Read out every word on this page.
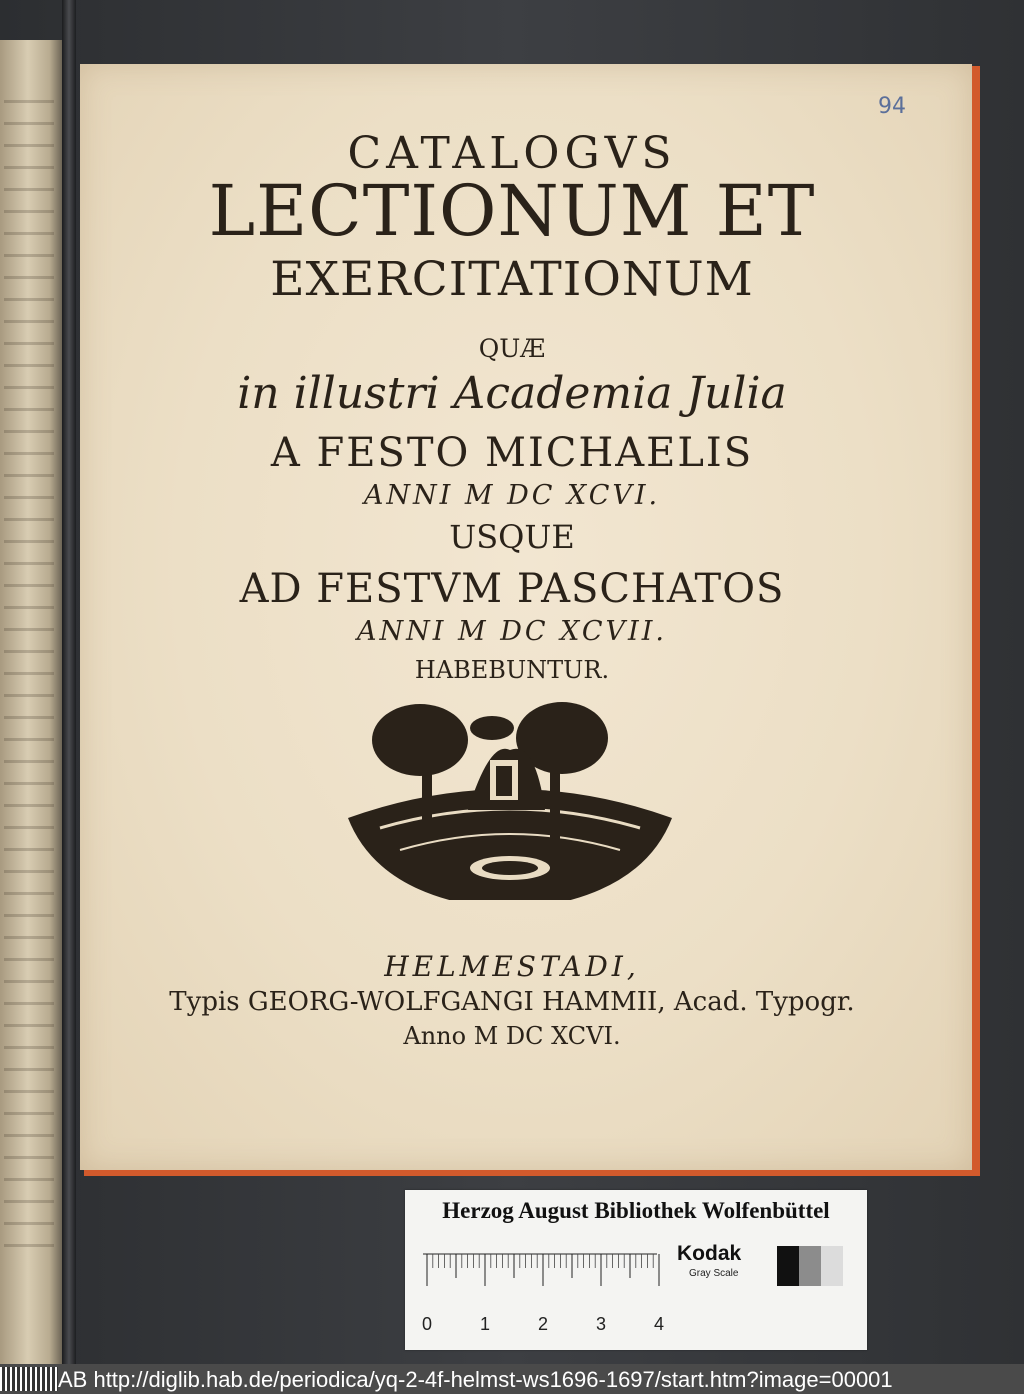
94
CATALOGVS
LECTIONUM ET
EXERCITATIONUM
QUÆ
in illustri Academia Julia
A FESTO MICHAELIS
ANNI M DC XCVI.
USQUE
AD FESTVM PASCHATOS
ANNI M DC XCVII.
HABEBUNTUR.
HELMESTADI,
Typis GEORG-WOLFGANGI HAMMII, Acad. Typogr.
Anno M DC XCVI.
Herzog August Bibliothek Wolfenbüttel
0	1	2	3	4
Kodak
Gray Scale
AB http://diglib.hab.de/periodica/yq-2-4f-helmst-ws1696-1697/start.htm?image=00001
